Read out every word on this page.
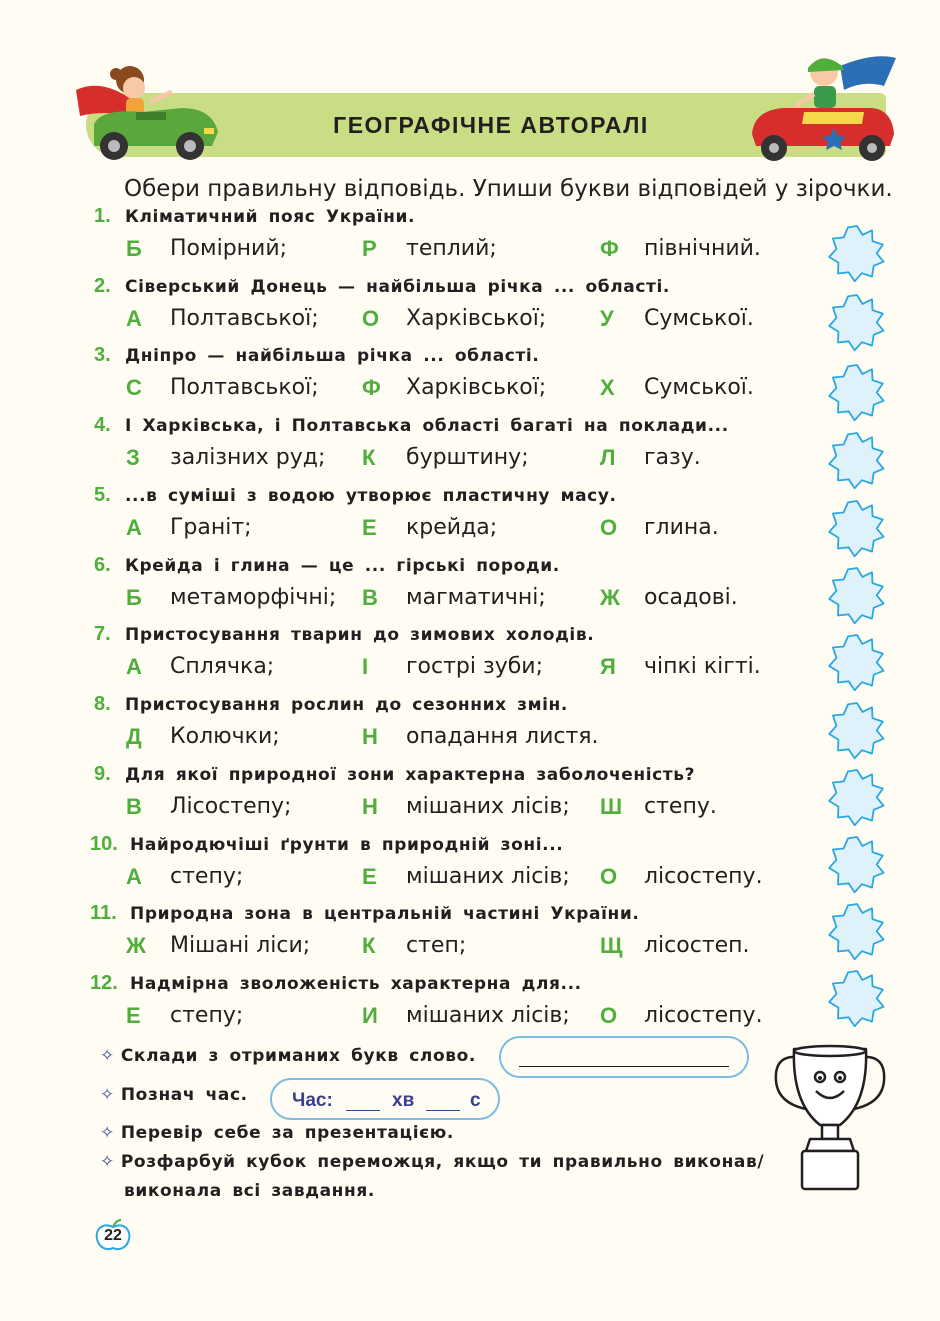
ГЕОГРАФІЧНЕ АВТОРАЛІ
Обери правильну відповідь. Упиши букви відповідей у зірочки.
1. Кліматичний пояс України.
Б Помірний;	Р теплий;	Ф північний.
2. Сіверський Донець — найбільша річка ... області.
А Полтавської; О Харківської; У Сумської.
3. Дніпро — найбільша річка ... області.
С Полтавської; Ф Харківської; Х Сумської.
4. І Харківська, і Полтавська області багаті на поклади...
З залізних руд; К бурштину;	Л газу.
5. ...в суміші з водою утворює пластичну масу.
А Граніт;	Е крейда;	О глина.
6. Крейда і глина — це ... гірські породи.
Б метаморфічні; В магматичні; Ж осадові.
7. Пристосування тварин до зимових холодів.
А Сплячка;	І гострі зуби;	Я чіпкі кігті.
8. Пристосування рослин до сезонних змін.
Д Колючки;	Н опадання листя.
9. Для якої природної зони характерна заболоченість?
В Лісостепу;	Н мішаних лісів; Ш степу.
10. Найродючіші ґрунти в природній зоні...
А степу;	Е мішаних лісів; О лісостепу.
11. Природна зона в центральній частині України.
Ж Мішані ліси; К степ;	Щ лісостеп.
12. Надмірна зволоженість характерна для...
Е степу;	И мішаних лісів; О лісостепу.
✧ Склади з отриманих букв слово.
✧ Познач час. Час:	хв	с
✧ Перевір себе за презентацією.
✧ Розфарбуй кубок переможця, якщо ти правильно виконав/
виконала всі завдання.
22
